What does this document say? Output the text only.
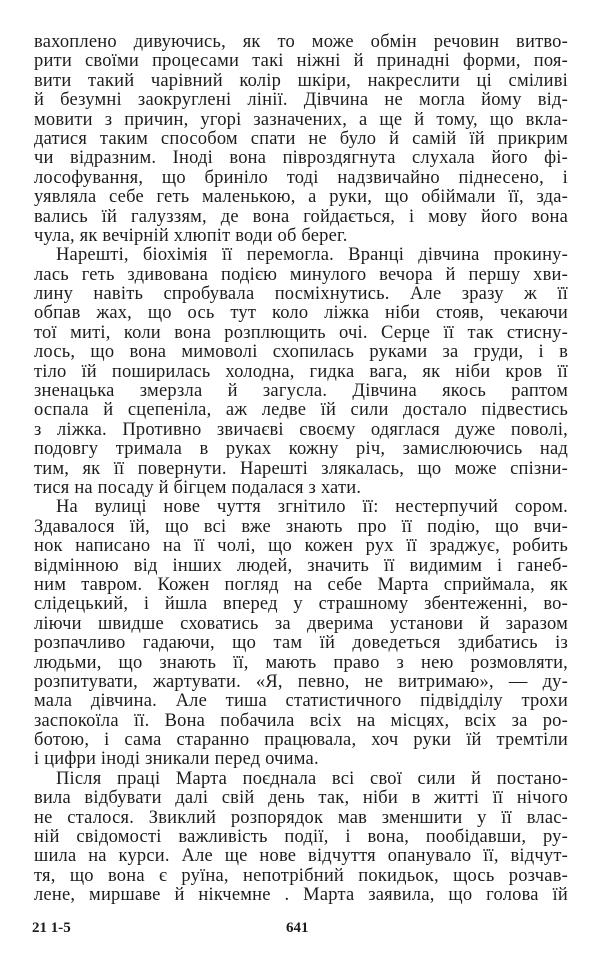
вахоплено дивуючись, як то може обмін речовин витво-
рити своїми процесами такі ніжні й принадні форми, поя-
вити такий чарівний колір шкіри, накреслити ці сміливі
й безумні заокруглені лінії. Дівчина не могла йому від-
мовити з причин, угорі зазначених, а ще й тому, що вкла-
датися таким способом спати не було й самій їй прикрим
чи відразним. Іноді вона півроздягнута слухала його фі-
лософування, що бриніло тоді надзвичайно піднесено, і
уявляла себе геть маленькою, а руки, що обіймали її, зда-
вались їй галуззям, де вона гойдається, і мову його вона
чула, як вечірній хлюпіт води об берег.
Нарешті, біохімія її перемогла. Вранці дівчина прокину-
лась геть здивована подією минулого вечора й першу хви-
лину навіть спробувала посміхнутись. Але зразу ж її
обпав жах, що ось тут коло ліжка ніби стояв, чекаючи
тої миті, коли вона розплющить очі. Серце її так стисну-
лось, що вона мимоволі схопилась руками за груди, і в
тіло їй поширилась холодна, гидка вага, як ніби кров її
зненацька змерзла й загусла. Дівчина якось раптом
оспала й сцепеніла, аж ледве їй сили достало підвестись
з ліжка. Противно звичаєві своєму одяглася дуже поволі,
подовгу тримала в руках кожну річ, замислюючись над
тим, як її повернути. Нарешті злякалась, що може спізни-
тися на посаду й бігцем подалася з хати.
На вулиці нове чуття згнітило її: нестерпучий сором.
Здавалося їй, що всі вже знають про її подію, що вчи-
нок написано на її чолі, що кожен рух її зраджує, робить
відмінною від інших людей, значить її видимим і ганеб-
ним тавром. Кожен погляд на себе Марта сприймала, як
слідецький, і йшла вперед у страшному збентеженні, во-
ліючи швидше сховатись за дверима установи й заразом
розпачливо гадаючи, що там їй доведеться здибатись із
людьми, що знають її, мають право з нею розмовляти,
розпитувати, жартувати. «Я, певно, не витримаю», — ду-
мала дівчина. Але тиша статистичного підвідділу трохи
заспокоїла її. Вона побачила всіх на місцях, всіх за ро-
ботою, і сама старанно працювала, хоч руки їй тремтіли
і цифри іноді зникали перед очима.
Після праці Марта поєднала всі свої сили й постано-
вила відбувати далі свій день так, ніби в житті її нічого
не сталося. Звиклий розпорядок мав зменшити у її влас-
ній свідомості важливість події, і вона, пообідавши, ру-
шила на курси. Але ще нове відчуття опанувало її, відчут-
тя, що вона є руїна, непотрібний покидьок, щось розчав-
лене, миршаве й нікчемне . Марта заявила, що голова їй
21 1-5	641
